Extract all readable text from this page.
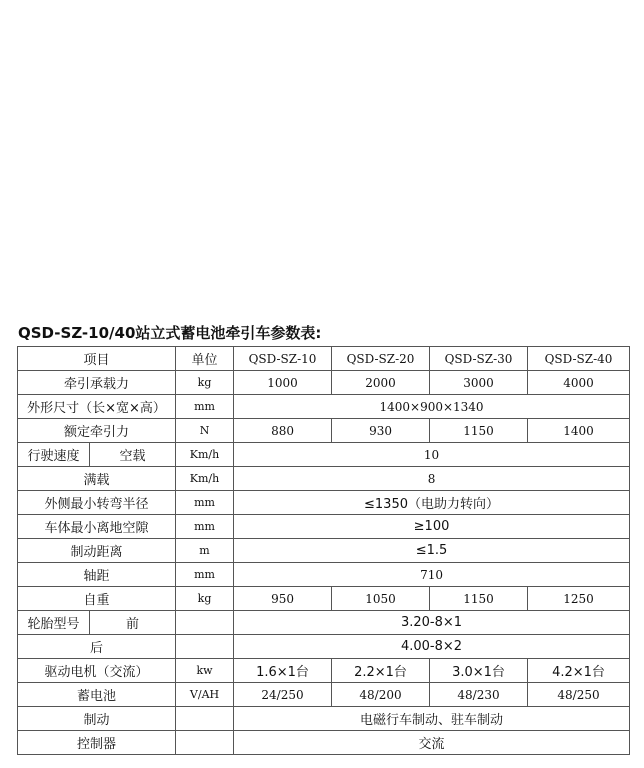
QSD-SZ-10/40站立式蓄电池牵引车参数表:
项目		单位	QSD-SZ-10	QSD-SZ-20	QSD-SZ-30	QSD-SZ-40
牵引承载力		kg	1000	2000	3000	4000
外形尺寸（长×宽×高）		mm	1400×900×1340			
额定牵引力		N	880	930	1150	1400
行驶速度	空载	Km/h	10			
满载		Km/h	8			
外侧最小转弯半径		mm	≤1350（电助力转向）			
车体最小离地空隙		mm	≥100			
制动距离		m	≤1.5			
轴距		mm	710			
自重		kg	950	1050	1150	1250
轮胎型号	前		3.20-8×1			
后			4.00-8×2			
驱动电机（交流）		kw	1.6×1台	2.2×1台	3.0×1台	4.2×1台
蓄电池		V/AH	24/250	48/200	48/230	48/250
制动			电磁行车制动、驻车制动			
控制器			交流			
